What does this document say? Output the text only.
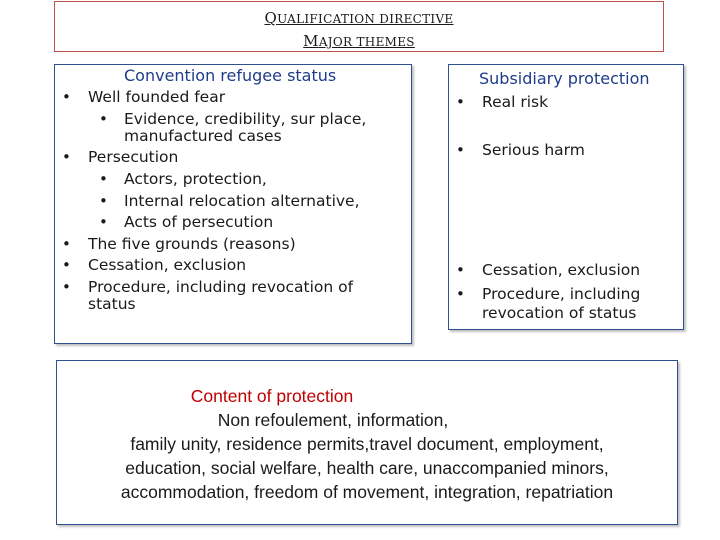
QUALIFICATION DIRECTIVE
MAJOR THEMES
Convention refugee status
• Well founded fear
• Evidence, credibility, sur place,
manufactured cases
• Persecution
• Actors, protection,
• Internal relocation alternative,
• Acts of persecution
• The five grounds (reasons)
• Cessation, exclusion
• Procedure, including revocation of
status
Subsidiary protection
• Real risk
• Serious harm
• Cessation, exclusion
• Procedure, including
revocation of status
Content of protection
Non refoulement, information,
family unity, residence permits,travel document, employment,
education, social welfare, health care, unaccompanied minors,
accommodation, freedom of movement, integration, repatriation
